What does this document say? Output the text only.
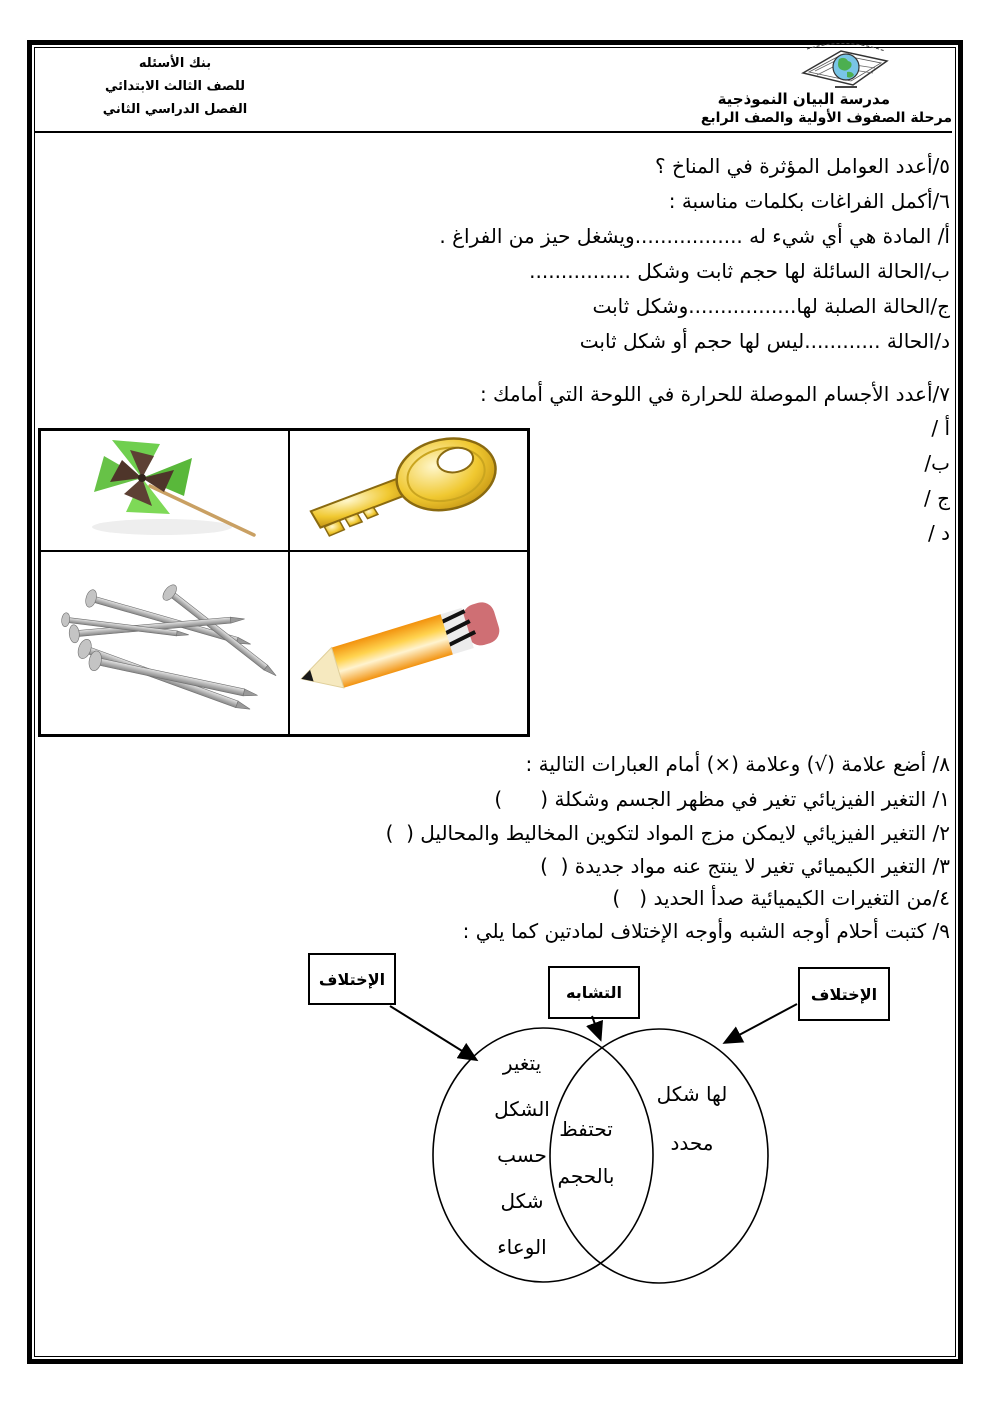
بنك الأسئله
للصف الثالث الابتدائي
الفصل الدراسي الثاني
مدرسة البيان النموذجية
مرحلة الصفوف الأولية والصف الرابع
٥/أعدد العوامل المؤثرة في المناخ ؟
٦/أكمل الفراغات بكلمات مناسبة :
أ/ المادة هي أي شيء له .................ويشغل حيز من الفراغ .
ب/الحالة السائلة لها حجم ثابت وشكل ................
ج/الحالة الصلبة لها.................وشكل ثابت
د/الحالة ............ليس لها حجم أو شكل ثابت
٧/أعدد الأجسام الموصلة للحرارة في اللوحة التي أمامك :
أ /
ب/
ج /
د /
٨/ أضع علامة (√) وعلامة (×) أمام العبارات التالية :
١/ التغير الفيزيائي تغير في مظهر الجسم وشكلة (      )
٢/ التغير الفيزيائي لايمكن مزج المواد لتكوين المخاليط والمحاليل (  )
٣/ التغير الكيميائي تغير لا ينتج عنه مواد جديدة (  )
٤/من التغيرات الكيميائية صدأ الحديد (   )
٩/ كتبت أحلام أوجه الشبه وأوجه الإختلاف لمادتين كما يلي :
الإختلاف
التشابه	الإختلاف
يتغير
الشكل
حسب
شكل
الوعاء
تحتفظ
بالحجم
لها شكل
محدد
